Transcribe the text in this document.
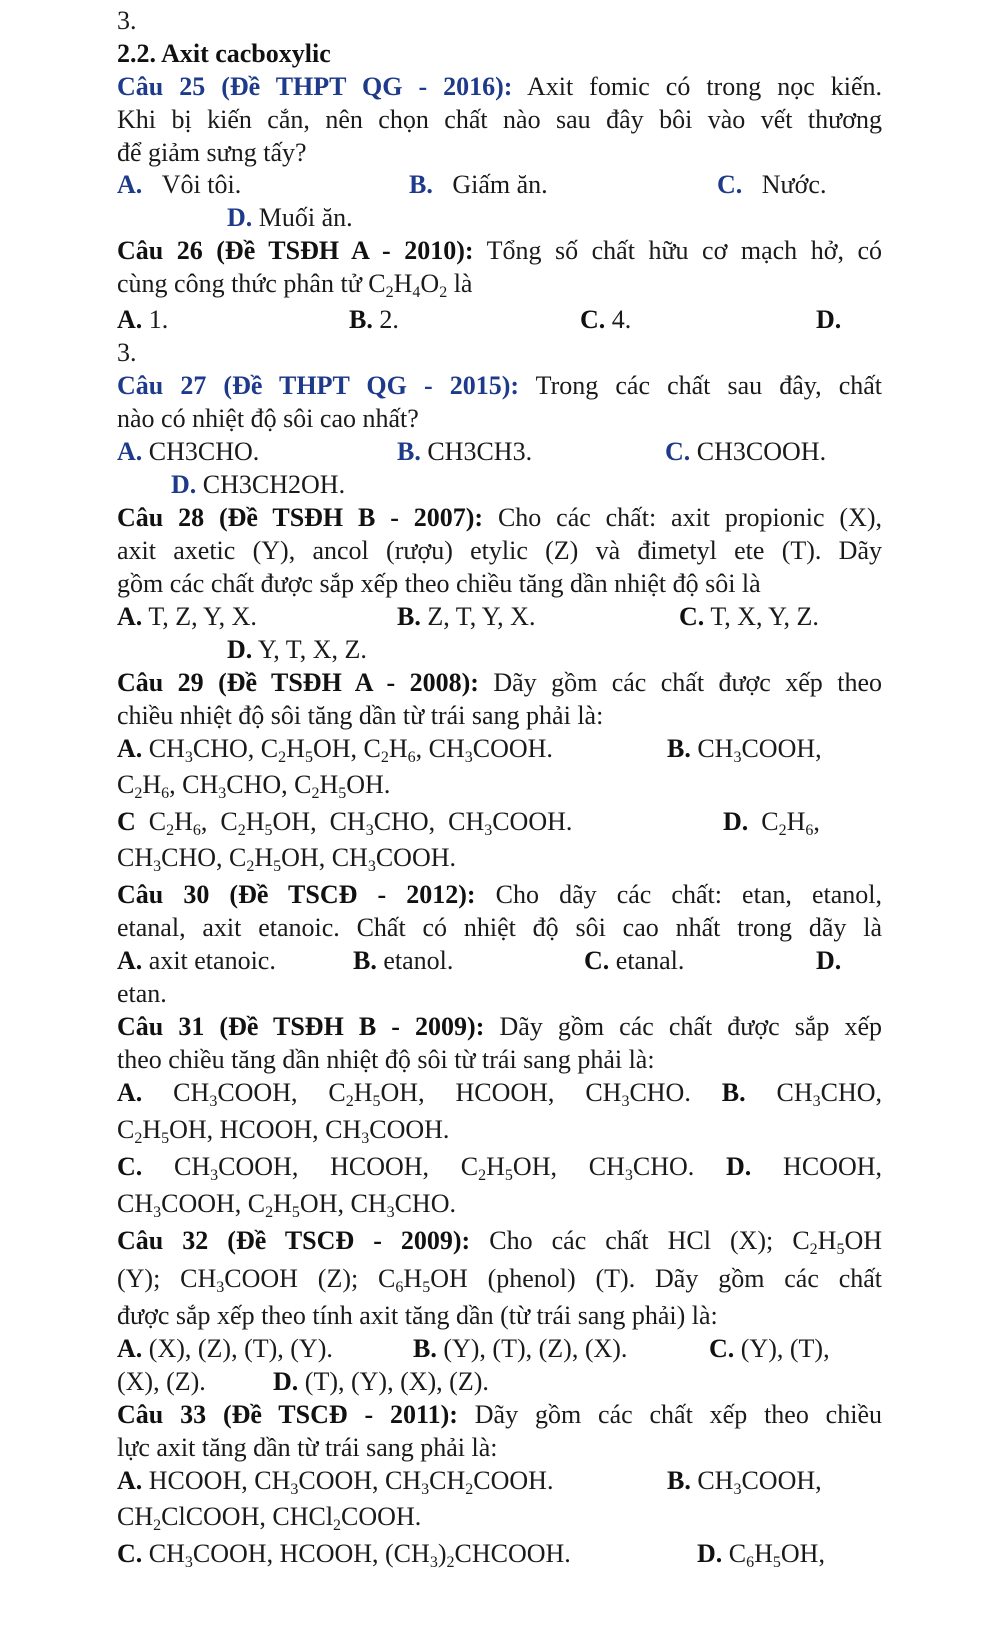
3.
2.2. Axit cacboxylic
Câu 25 (Đề THPT QG - 2016): Axit fomic có trong nọc kiến.
Khi bị kiến cắn, nên chọn chất nào sau đây bôi vào vết thương
để giảm sưng tấy?
A. Vôi tôi.	B. Giấm ăn.	C. Nước.
D. Muối ăn.
Câu 26 (Đề TSĐH A - 2010): Tổng số chất hữu cơ mạch hở, có
cùng công thức phân tử $C_2H_4O_2$ là
A. 1.	B. 2.	C. 4.	D.
3.
Câu 27 (Đề THPT QG - 2015): Trong các chất sau đây, chất
nào có nhiệt độ sôi cao nhất?
A. CH3CHO.	B. CH3CH3.	C. CH3COOH.
D. CH3CH2OH.
Câu 28 (Đề TSĐH B - 2007): Cho các chất: axit propionic (X),
axit axetic (Y), ancol (rượu) etylic (Z) và đimetyl ete (T). Dãy
gồm các chất được sắp xếp theo chiều tăng dần nhiệt độ sôi là
A. T, Z, Y, X.	B. Z, T, Y, X.	C. T, X, Y, Z.
D. Y, T, X, Z.
Câu 29 (Đề TSĐH A - 2008): Dãy gồm các chất được xếp theo
chiều nhiệt độ sôi tăng dần từ trái sang phải là:
A. $CH_3CHO$, $C_2H_5OH$, $C_2H_6$, $CH_3COOH$.	B. $CH_3COOH$,
$C_2H_6$, $CH_3CHO$, $C_2H_5OH$.
C  $C_2H_6$,  $C_2H_5OH$,  $CH_3CHO$,  $CH_3COOH$.	D.  $C_2H_6$,
$CH_3CHO$, $C_2H_5OH$, $CH_3COOH$.
Câu 30 (Đề TSCĐ - 2012): Cho dãy các chất: etan, etanol,
etanal, axit etanoic. Chất có nhiệt độ sôi cao nhất trong dãy là
A. axit etanoic.	B. etanol.	C. etanal.	D.
etan.
Câu 31 (Đề TSĐH B - 2009): Dãy gồm các chất được sắp xếp
theo chiều tăng dần nhiệt độ sôi từ trái sang phải là:
A. $CH_3COOH$, $C_2H_5OH$, HCOOH, $CH_3CHO$. B. $CH_3CHO$,
$C_2H_5OH$, HCOOH, $CH_3COOH$.
C. $CH_3COOH$, HCOOH, $C_2H_5OH$, $CH_3CHO$. D. HCOOH,
$CH_3COOH$, $C_2H_5OH$, $CH_3CHO$.
Câu 32 (Đề TSCĐ - 2009): Cho các chất HCl (X); $C_2H_5OH$
(Y); $CH_3COOH$ (Z); $C_6H_5OH$ (phenol) (T). Dãy gồm các chất
được sắp xếp theo tính axit tăng dần (từ trái sang phải) là:
A. (X), (Z), (T), (Y).	B. (Y), (T), (Z), (X).	C. (Y), (T),
(X), (Z).	D. (T), (Y), (X), (Z).
Câu 33 (Đề TSCĐ - 2011): Dãy gồm các chất xếp theo chiều
lực axit tăng dần từ trái sang phải là:
A. HCOOH, $CH_3COOH$, $CH_3CH_2COOH$.	B. $CH_3COOH$,
$CH_2ClCOOH$, CHCl$_2$COOH.
C. $CH_3COOH$, HCOOH, $(CH_3)_2CHCOOH$.	D. $C_6H_5OH$,
